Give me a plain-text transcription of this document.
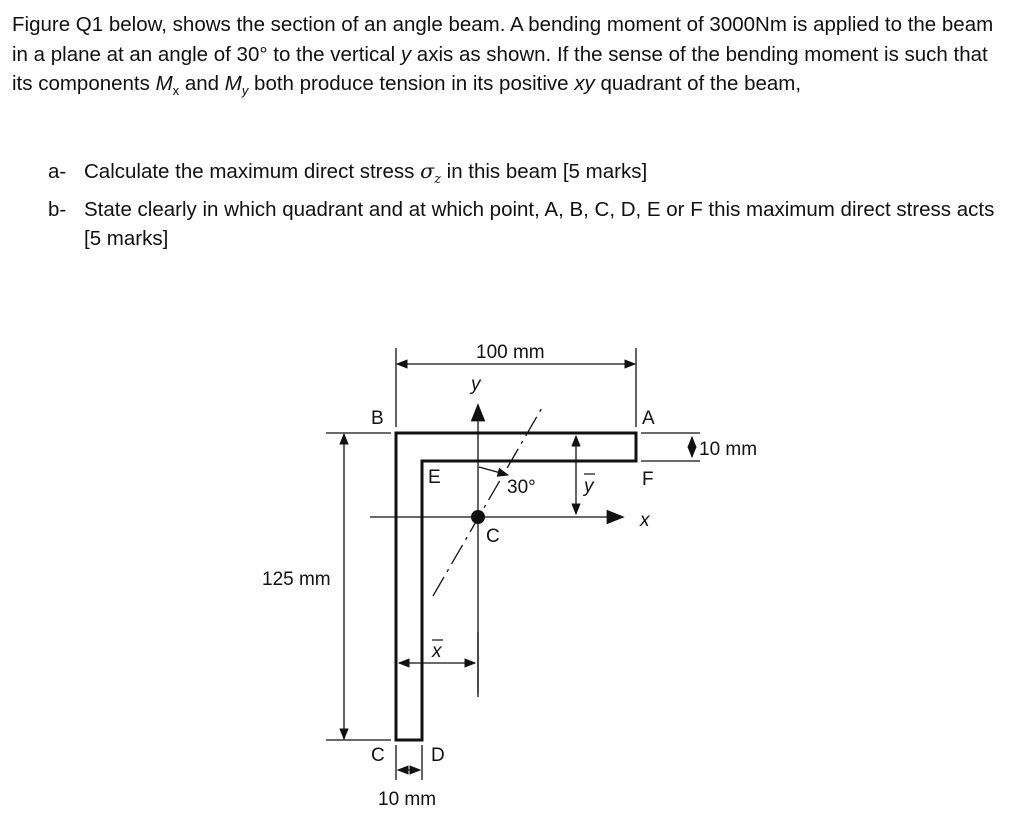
Figure Q1 below, shows the section of an angle beam. A bending moment of 3000Nm is applied to the beam in a plane at an angle of 30° to the vertical y axis as shown. If the sense of the bending moment is such that its components $M_x$ and $M_y$ both produce tension in its positive xy quadrant of the beam,

a- Calculate the maximum direct stress $\sigma_z$ in this beam [5 marks]
b- State clearly in which quadrant and at which point, A, B, C, D, E or F this maximum direct stress acts [5 marks]
100 mm
125 mm
10 mm
10 mm
y
x
30°	y
x
A
B
C
C D
E	F
